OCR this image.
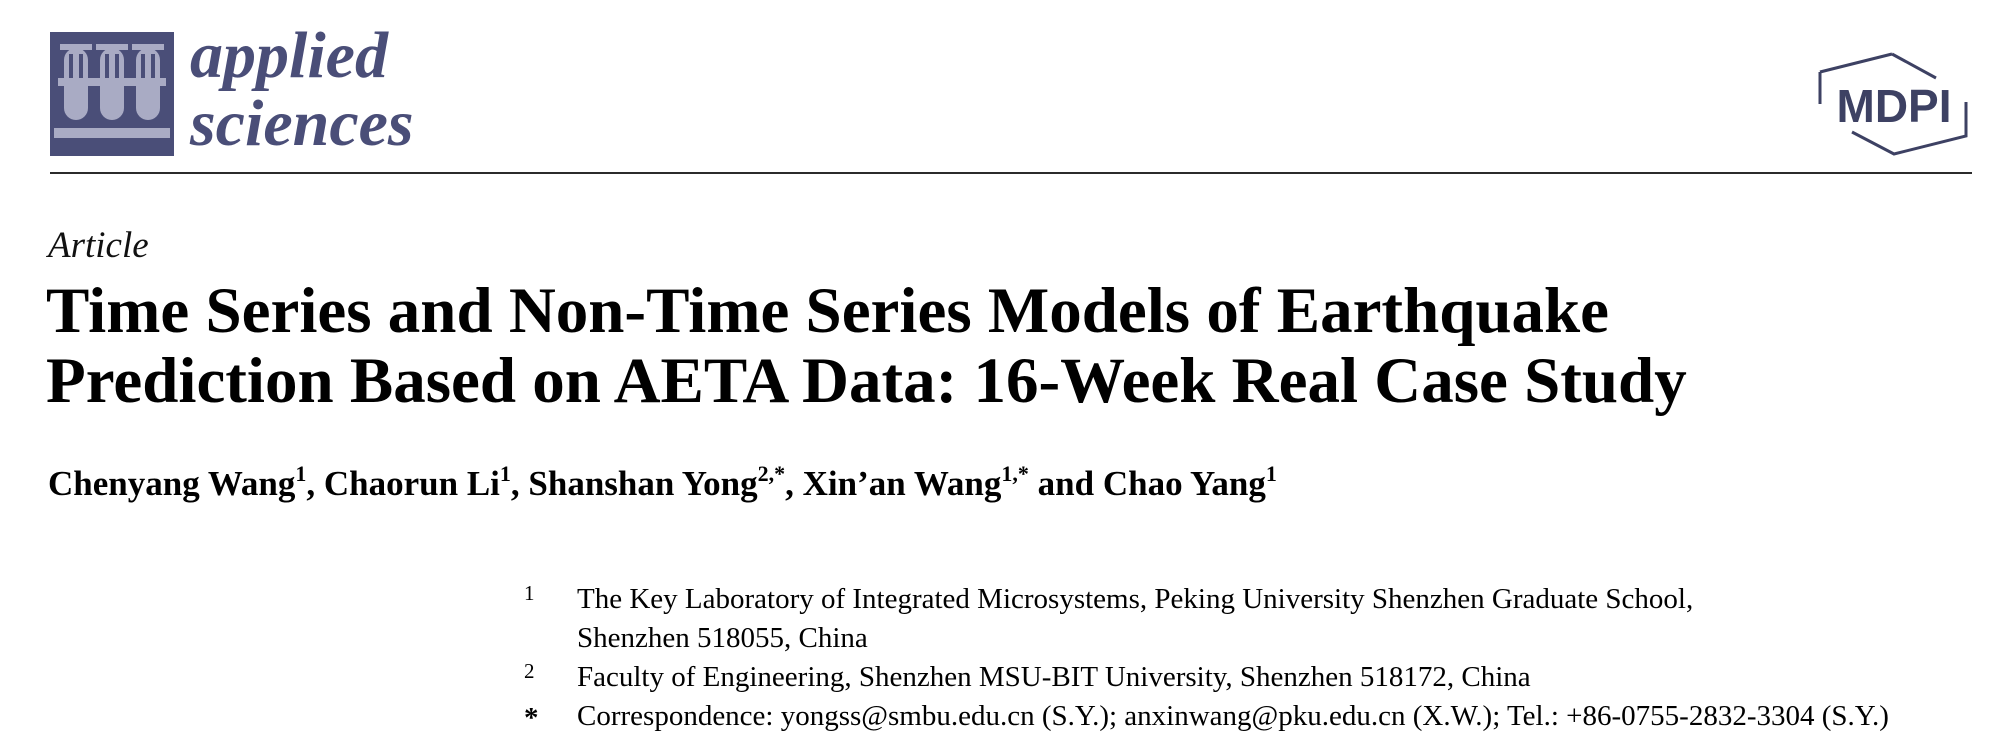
applied
sciences	MDPI
Article
Time Series and Non-Time Series Models of Earthquake
Prediction Based on AETA Data: 16-Week Real Case Study
Chenyang Wang$^1$, Chaorun Li$^1$, Shanshan Yong$^{2,*}$, Xin’an Wang$^{1,*}$ and Chao Yang$^1$
1 The Key Laboratory of Integrated Microsystems, Peking University Shenzhen Graduate School,
Shenzhen 518055, China
2 Faculty of Engineering, Shenzhen MSU-BIT University, Shenzhen 518172, China
* Correspondence: yongss@smbu.edu.cn (S.Y.); anxinwang@pku.edu.cn (X.W.); Tel.: +86-0755-2832-3304 (S.Y.)
